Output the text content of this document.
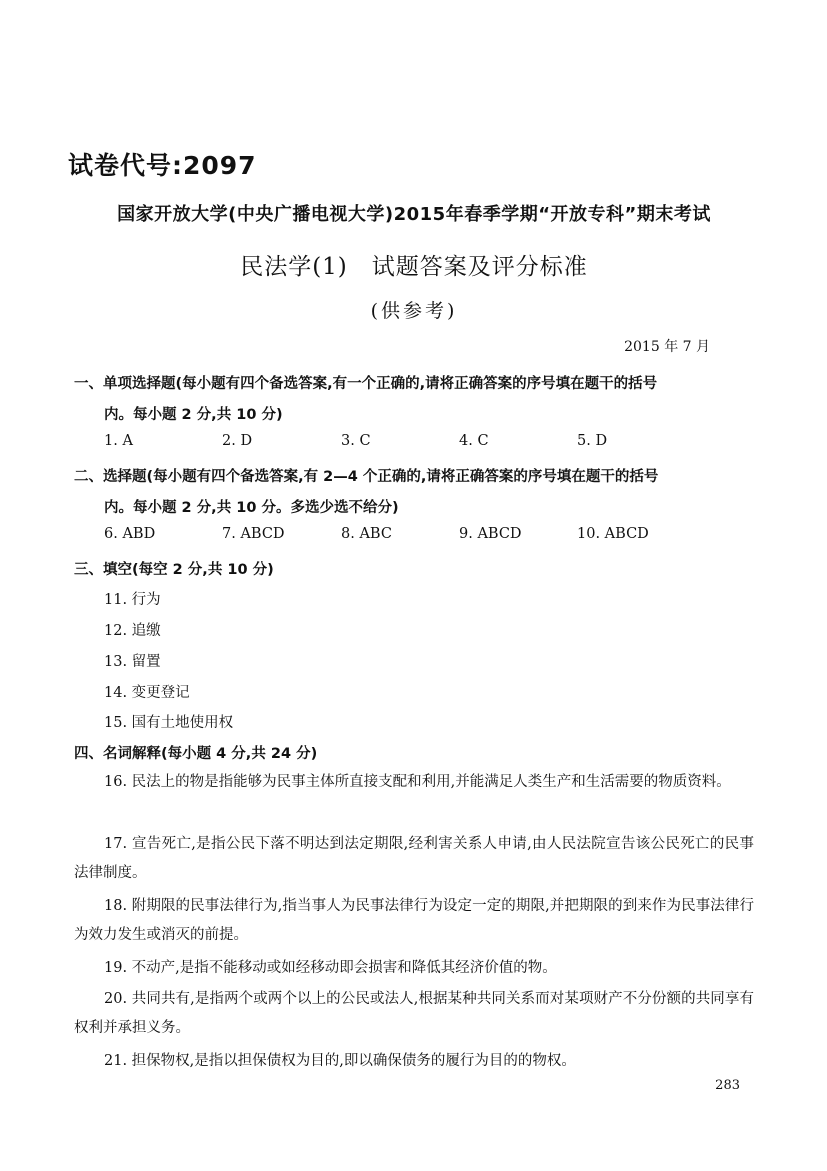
试卷代号:2097
国家开放大学(中央广播电视大学)2015年春季学期“开放专科”期末考试
民法学(1)　试题答案及评分标准
(供参考)
2015 年 7 月
一、单项选择题(每小题有四个备选答案,有一个正确的,请将正确答案的序号填在题干的括号
内。每小题 2 分,共 10 分)
1. A	2. D	3. C	4. C	5. D
二、选择题(每小题有四个备选答案,有 2—4 个正确的,请将正确答案的序号填在题干的括号
内。每小题 2 分,共 10 分。多选少选不给分)
6. ABD	7. ABCD	8. ABC	9. ABCD	10. ABCD
三、填空(每空 2 分,共 10 分)
11. 行为
12. 追缴
13. 留置
14. 变更登记
15. 国有土地使用权
四、名词解释(每小题 4 分,共 24 分)
16. 民法上的物是指能够为民事主体所直接支配和利用,并能满足人类生产和生活需要的物质资料。
17. 宣告死亡,是指公民下落不明达到法定期限,经利害关系人申请,由人民法院宣告该公民死亡的民事法律制度。
18. 附期限的民事法律行为,指当事人为民事法律行为设定一定的期限,并把期限的到来作为民事法律行为效力发生或消灭的前提。
19. 不动产,是指不能移动或如经移动即会损害和降低其经济价值的物。
20. 共同共有,是指两个或两个以上的公民或法人,根据某种共同关系而对某项财产不分份额的共同享有权利并承担义务。
21. 担保物权,是指以担保债权为目的,即以确保债务的履行为目的的物权。
283
